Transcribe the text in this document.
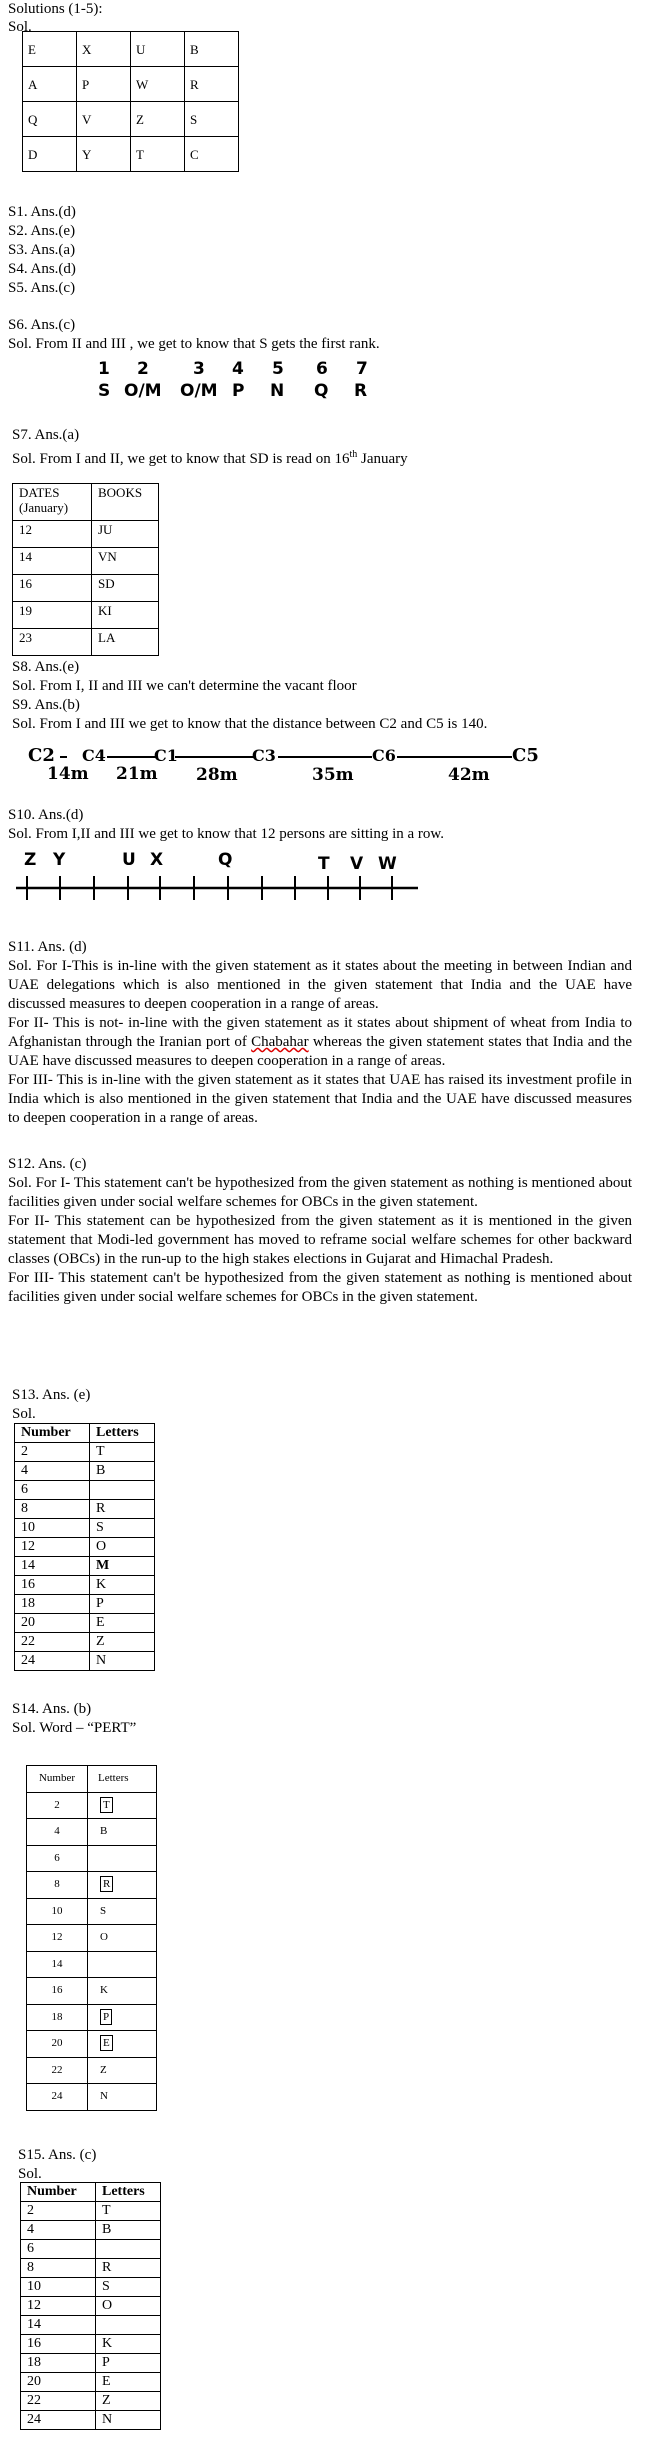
Solutions (1-5):
Sol.
E	X	U	B
A	P	W	R
Q	V	Z	S
D	Y	T	C
S1. Ans.(d)
S2. Ans.(e)
S3. Ans.(a)
S4. Ans.(d)
S5. Ans.(c)
S6. Ans.(c)
Sol. From II and III , we get to know that S gets the first rank.
1 2	3 4 5 6 7
S O/M O/M P N Q R
S7. Ans.(a)
Sol. From I and II, we get to know that SD is read on 16th January
DATES (January)	BOOKS
12	JU
14	VN
16	SD
19	KI
23	LA
S8. Ans.(e)
Sol. From I, II and III we can't determine the vacant floor
S9. Ans.(b)
Sol. From I and III we get to know that the distance between C2 and C5 is 140.
C2 C4	C1	C3	C6	C5
14m 21m 28m	35m	42m
S10. Ans.(d)
Sol. From I,II and III we get to know that 12 persons are sitting in a row.
Z Y	U X	Q	T V W
S11. Ans. (d)

Sol. For I-This is in-line with the given statement as it states about the meeting in between Indian and UAE delegations which is also mentioned in the given statement that India and the UAE have discussed measures to deepen cooperation in a range of areas.

For II- This is not- in-line with the given statement as it states about shipment of wheat from India to Afghanistan through the Iranian port of Chabahar whereas the given statement states that India and the UAE have discussed measures to deepen cooperation in a range of areas.

For III- This is in-line with the given statement as it states that UAE has raised its investment profile in India which is also mentioned in the given statement that India and the UAE have discussed measures to deepen cooperation in a range of areas.

S12. Ans. (c)

Sol. For I- This statement can't be hypothesized from the given statement as nothing is mentioned about facilities given under social welfare schemes for OBCs in the given statement.

For II- This statement can be hypothesized from the given statement as it is mentioned in the given statement that Modi-led government has moved to reframe social welfare schemes for other backward classes (OBCs) in the run-up to the high stakes elections in Gujarat and Himachal Pradesh.

For III- This statement can't be hypothesized from the given statement as nothing is mentioned about facilities given under social welfare schemes for OBCs in the given statement.

S13. Ans. (e)
Sol.
Number	Letters
2	T
4	B
6	
8	R
10	S
12	O
14	M
16	K
18	P
20	E
22	Z
24	N
S14. Ans. (b)
Sol. Word – “PERT”
Number	Letters
2	T
4	B
6	
8	R
10	S
12	O
14	
16	K
18	P
20	E
22	Z
24	N
S15. Ans. (c)
Sol.
Number	Letters
2	T
4	B
6	
8	R
10	S
12	O
14	
16	K
18	P
20	E
22	Z
24	N
